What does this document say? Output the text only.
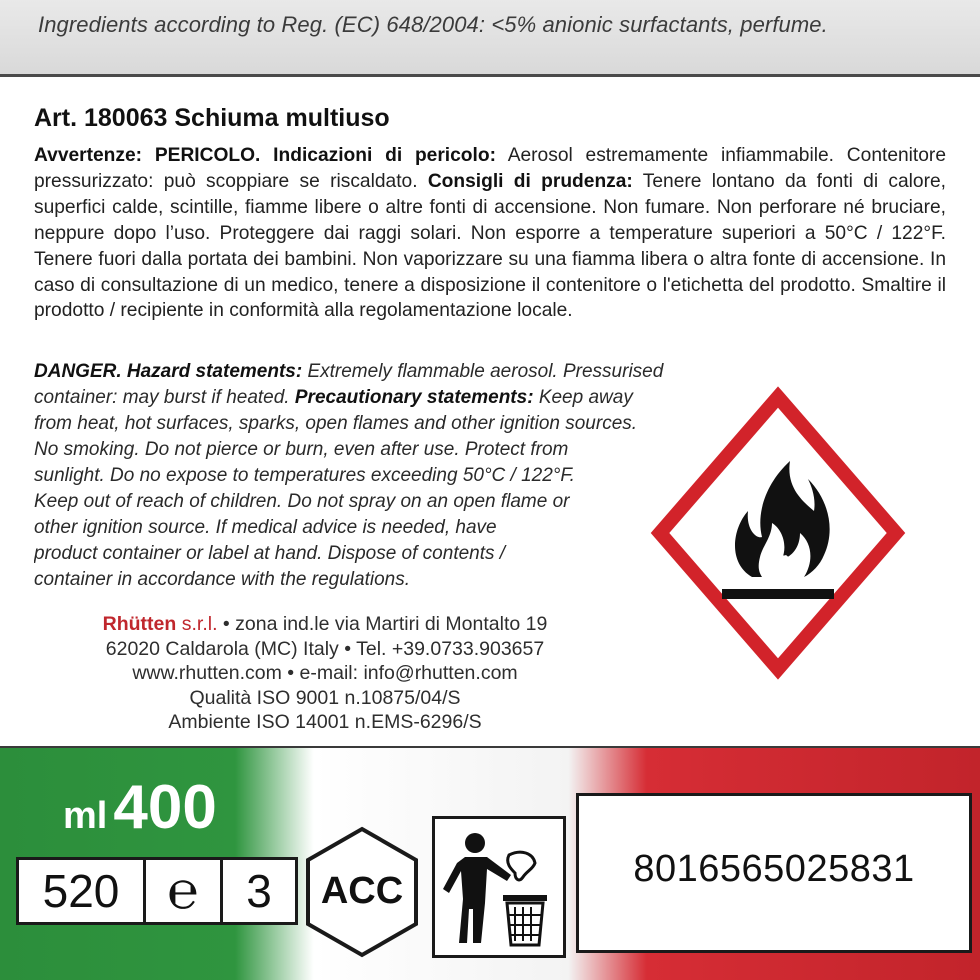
Ingredients according to Reg. (EC) 648/2004: <5% anionic surfactants, perfume.

Art. 180063 Schiuma multiuso

Avvertenze: PERICOLO. Indicazioni di pericolo: Aerosol estremamente infiammabile. Contenitore pressurizzato: può scoppiare se riscaldato. Consigli di prudenza: Tenere lontano da fonti di calore, superfici calde, scintille, fiamme libere o altre fonti di accensione. Non fumare. Non perforare né bruciare, neppure dopo l’uso. Proteggere dai raggi solari. Non esporre a temperature superiori a 50°C / 122°F. Tenere fuori dalla portata dei bambini. Non vaporizzare su una fiamma libera o altra fonte di accensione. In caso di consultazione di un medico, tenere a disposizione il contenitore o l'etichetta del prodotto. Smaltire il prodotto / recipiente in conformità alla regolamentazione locale.

DANGER. Hazard statements: Extremely flammable aerosol. Pressurised
container: may burst if heated. Precautionary statements: Keep away
from heat, hot surfaces, sparks, open flames and other ignition sources.
No smoking. Do not pierce or burn, even after use. Protect from
sunlight. Do no expose to temperatures exceeding 50°C / 122°F.
Keep out of reach of children. Do not spray on an open flame or
other ignition source. If medical advice is needed, have
product container or label at hand. Dispose of contents /
container in accordance with the regulations.
Rhütten s.r.l. • zona ind.le via Martiri di Montalto 19
62020 Caldarola (MC) Italy • Tel. +39.0733.903657
www.rhutten.com • e-mail: info@rhutten.com
Qualità ISO 9001 n.10875/04/S
Ambiente ISO 14001 n.EMS-6296/S
ml400
520 ℮	3	ACC
8016565025831
